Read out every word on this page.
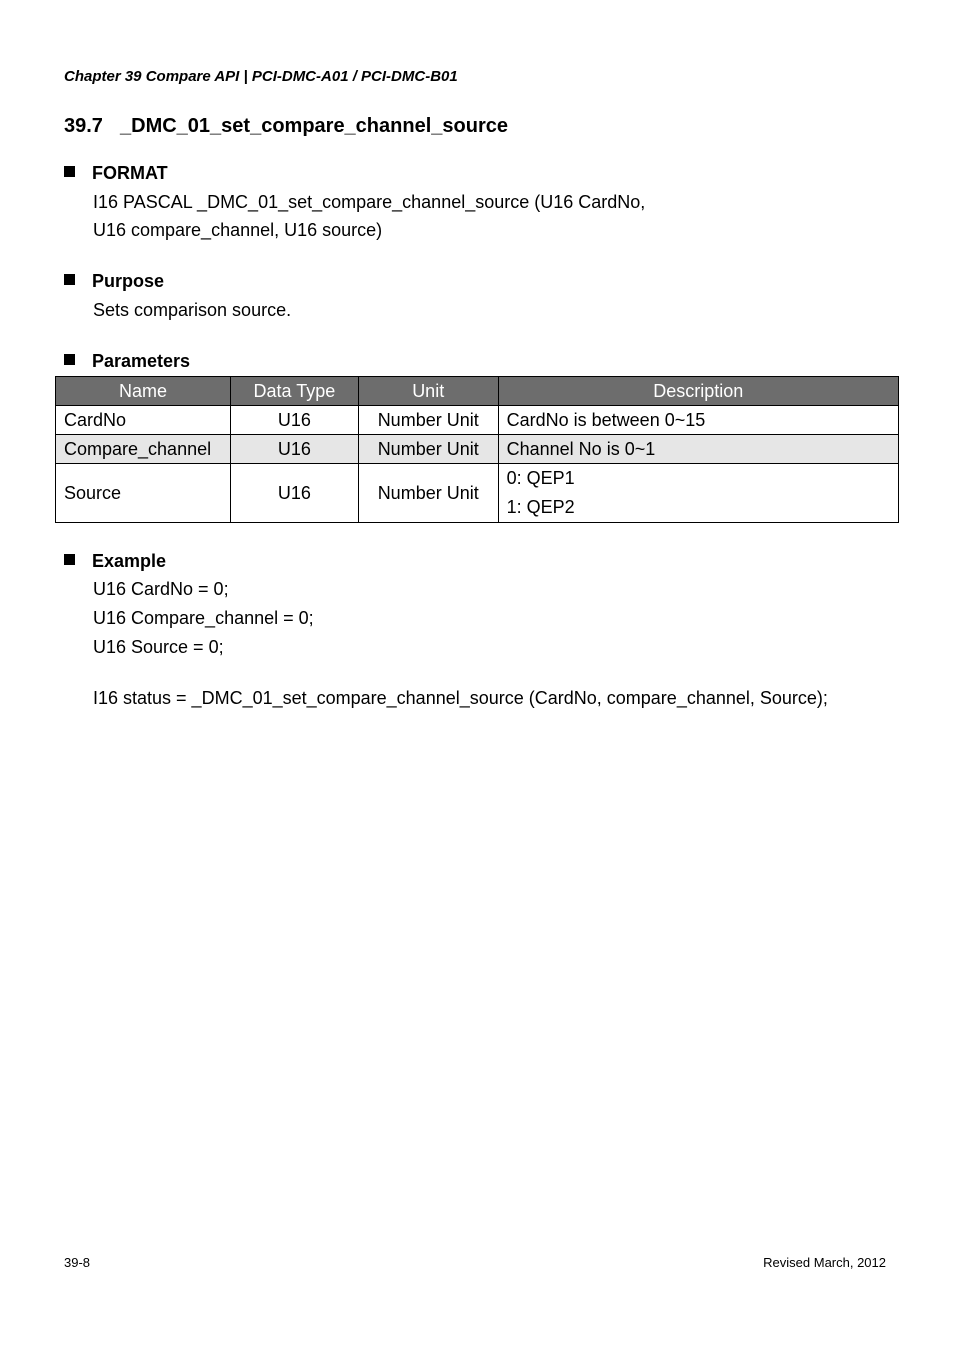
Chapter 39 Compare API | PCI-DMC-A01 / PCI-DMC-B01
39.7 _DMC_01_set_compare_channel_source
FORMAT
I16 PASCAL _DMC_01_set_compare_channel_source (U16 CardNo,
U16 compare_channel, U16 source)
Purpose
Sets comparison source.
Parameters
Name	Data Type	Unit	Description
CardNo	U16	Number Unit	CardNo is between 0~15
Compare_channel	U16	Number Unit	Channel No is 0~1
Source	U16	Number Unit	0: QEP1
1: QEP2
Example
U16 CardNo = 0;
U16 Compare_channel = 0;
U16 Source = 0;
I16 status = _DMC_01_set_compare_channel_source (CardNo, compare_channel, Source);
39-8	Revised March, 2012
